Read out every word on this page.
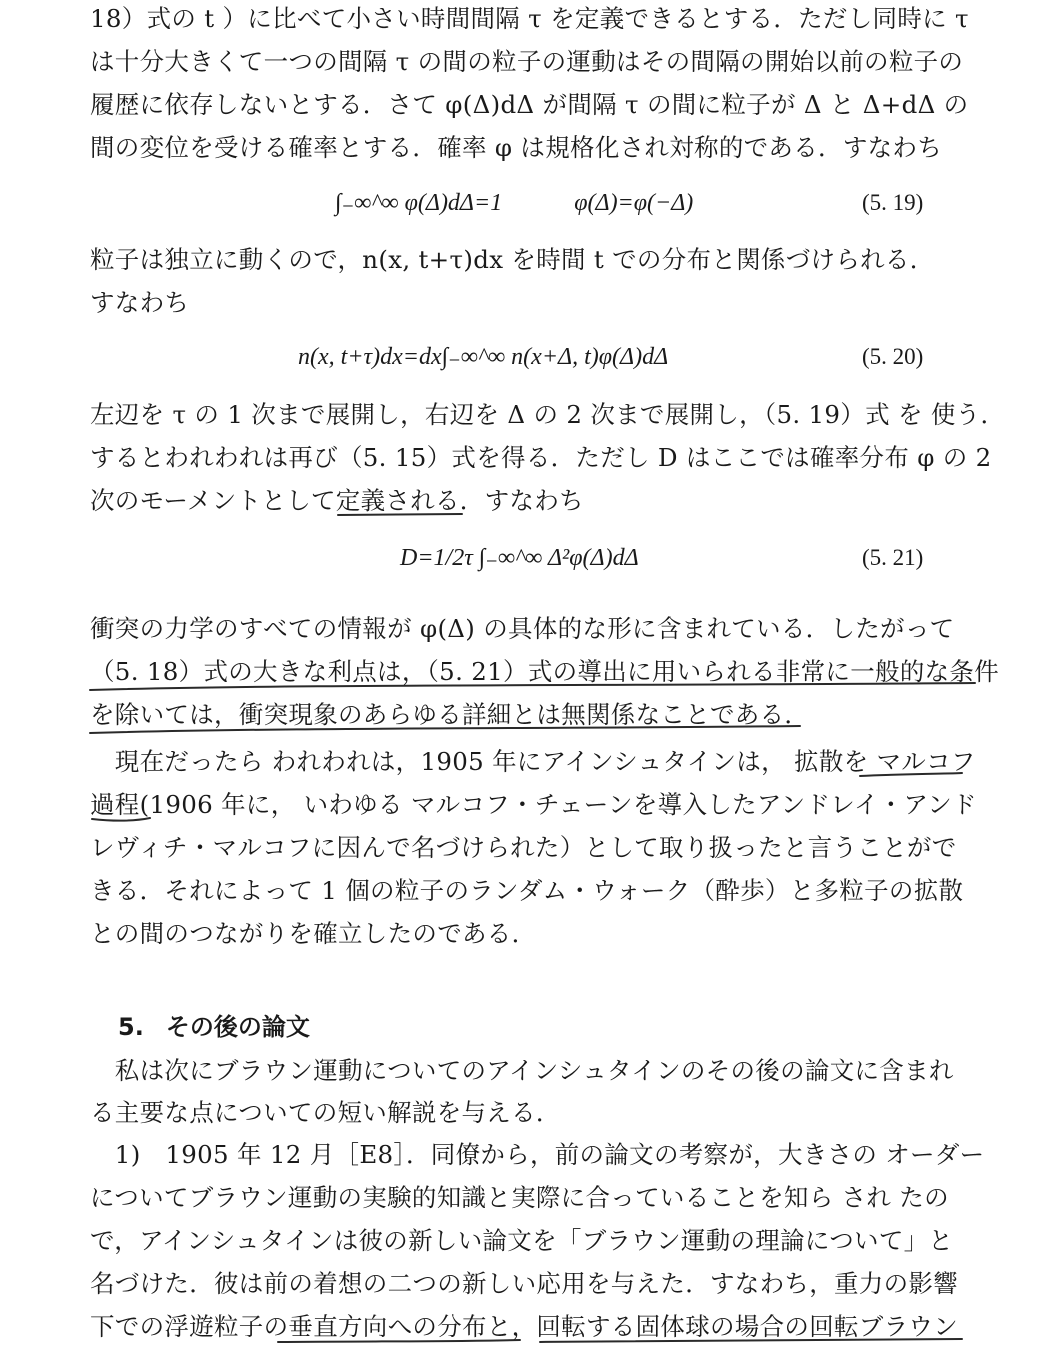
18）式の t ）に比べて小さい時間間隔 τ を定義できるとする．ただし同時に τ
は十分大きくて一つの間隔 τ の間の粒子の運動はその間隔の開始以前の粒子の
履歴に依存しないとする．さて φ(Δ)dΔ が間隔 τ の間に粒子が Δ と Δ+dΔ の
間の変位を受ける確率とする．確率 φ は規格化され対称的である．すなわち
∫₋∞^∞ φ(Δ)dΔ=1　　　φ(Δ)=φ(−Δ)	(5. 19)
粒子は独立に動くので，n(x, t+τ)dx を時間 t での分布と関係づけられる．
すなわち
n(x, t+τ)dx=dx∫₋∞^∞ n(x+Δ, t)φ(Δ)dΔ	(5. 20)
左辺を τ の 1 次まで展開し，右辺を Δ の 2 次まで展開し，（5. 19）式 を 使う．
するとわれわれは再び（5. 15）式を得る．ただし D はここでは確率分布 φ の 2
次のモーメントとして定義される．すなわち
D=1/2τ ∫₋∞^∞ Δ²φ(Δ)dΔ	(5. 21)
衝突の力学のすべての情報が φ(Δ) の具体的な形に含まれている．したがって
（5. 18）式の大きな利点は，（5. 21）式の導出に用いられる非常に一般的な条件
を除いては，衝突現象のあらゆる詳細とは無関係なことである．
　現在だったら われわれは，1905 年にアインシュタインは， 拡散を マルコフ
過程(1906 年に， いわゆる マルコフ・チェーンを導入したアンドレイ・アンド
レヴィチ・マルコフに因んで名づけられた）として取り扱ったと言うことがで
きる．それによって 1 個の粒子のランダム・ウォーク（酔歩）と多粒子の拡散
との間のつながりを確立したのである．
5. その後の論文
　私は次にブラウン運動についてのアインシュタインのその後の論文に含まれ
る主要な点についての短い解説を与える．
　1)　1905 年 12 月［E8］．同僚から，前の論文の考察が，大きさの オーダー
についてブラウン運動の実験的知識と実際に合っていることを知ら され たの
で，アインシュタインは彼の新しい論文を「ブラウン運動の理論について」と
名づけた．彼は前の着想の二つの新しい応用を与えた．すなわち，重力の影響
下での浮遊粒子の垂直方向への分布と，回転する固体球の場合の回転ブラウン
